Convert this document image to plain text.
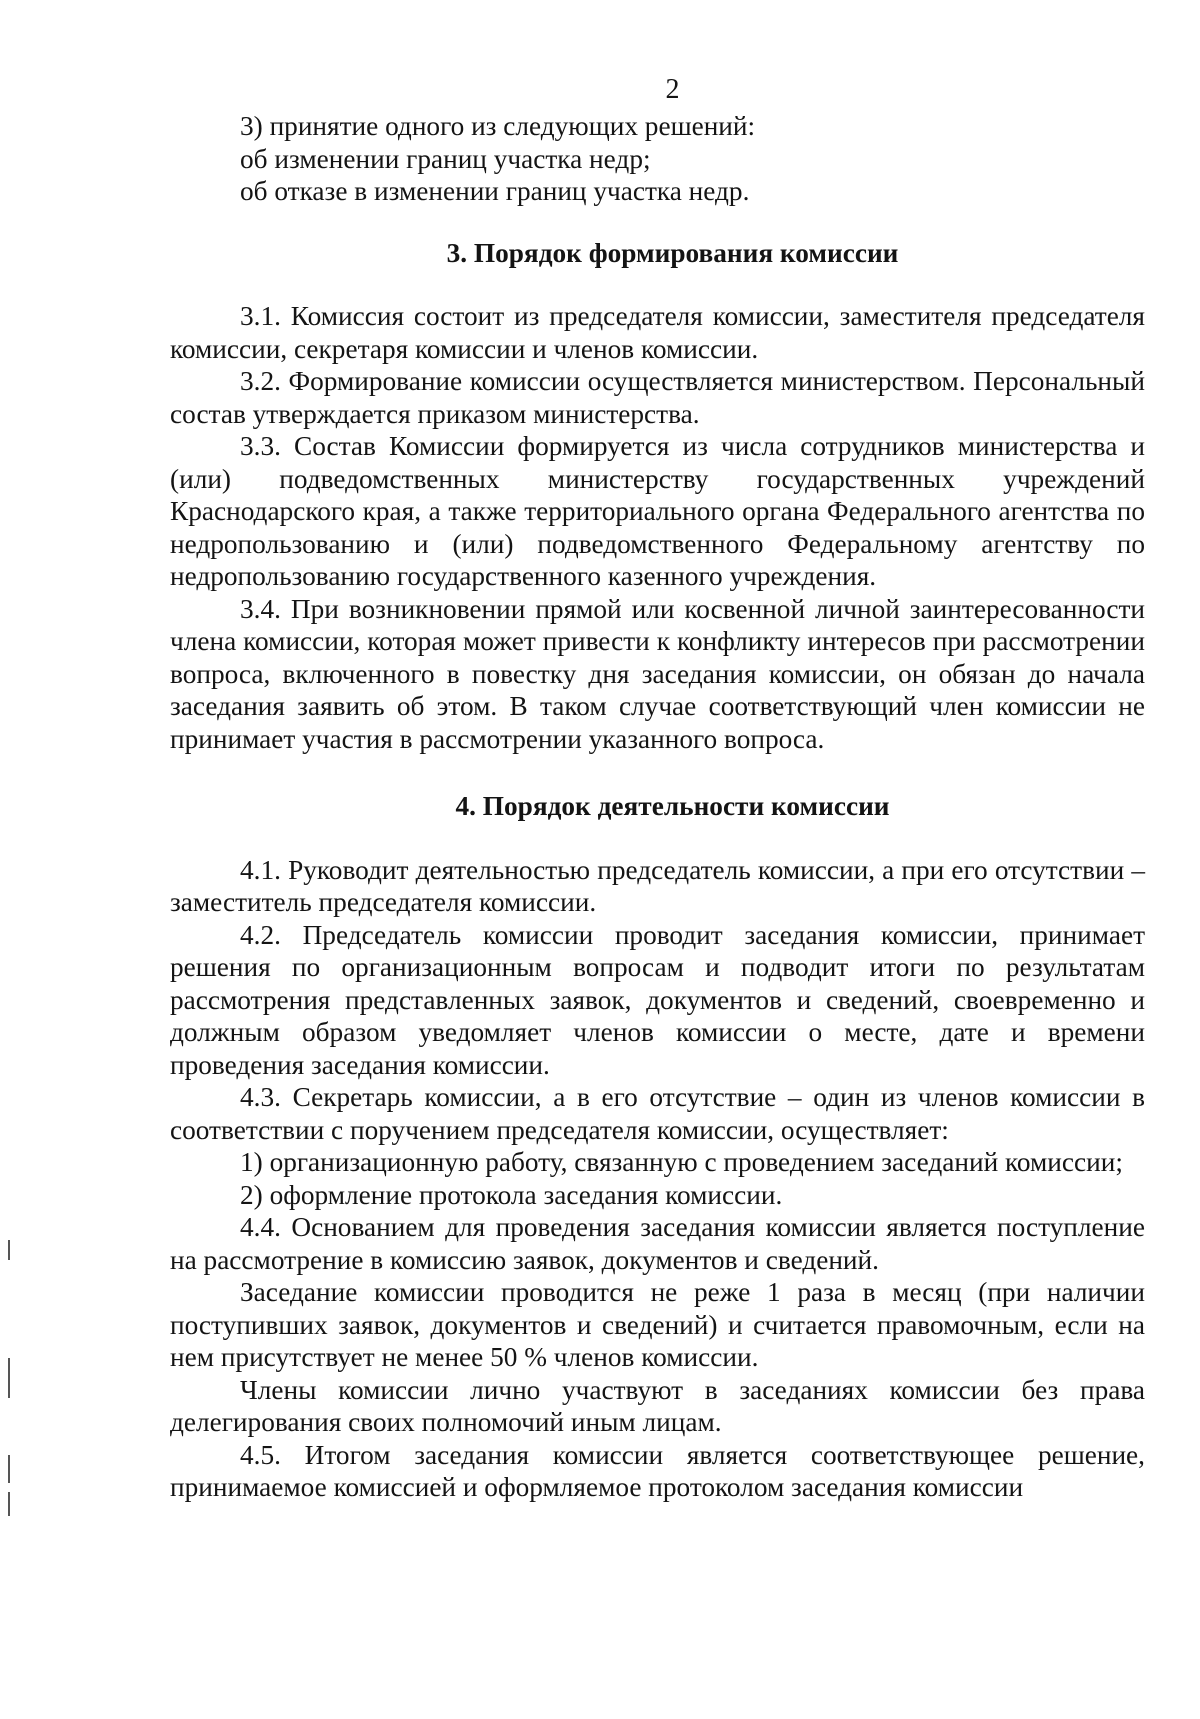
2
3) принятие одного из следующих решений:
об изменении границ участка недр;
об отказе в изменении границ участка недр.
3. Порядок формирования комиссии

3.1. Комиссия состоит из председателя комиссии, заместителя председателя комиссии, секретаря комиссии и членов комиссии.

3.2. Формирование комиссии осуществляется министерством. Персональный состав утверждается приказом министерства.

3.3. Состав Комиссии формируется из числа сотрудников министерства и (или) подведомственных министерству государственных учреждений Краснодарского края, а также территориального органа Федерального агентства по недропользованию и (или) подведомственного Федеральному агентству по недропользованию государственного казенного учреждения.

3.4. При возникновении прямой или косвенной личной заинтересованности члена комиссии, которая может привести к конфликту интересов при рассмотрении вопроса, включенного в повестку дня заседания комиссии, он обязан до начала заседания заявить об этом. В таком случае соответствующий член комиссии не принимает участия в рассмотрении указанного вопроса.

4. Порядок деятельности комиссии

4.1. Руководит деятельностью председатель комиссии, а при его отсутствии – заместитель председателя комиссии.

4.2. Председатель комиссии проводит заседания комиссии, принимает решения по организационным вопросам и подводит итоги по результатам рассмотрения представленных заявок, документов и сведений, своевременно и должным образом уведомляет членов комиссии о месте, дате и времени проведения заседания комиссии.

4.3. Секретарь комиссии, а в его отсутствие – один из членов комиссии в соответствии с поручением председателя комиссии, осуществляет:

1) организационную работу, связанную с проведением заседаний комиссии;

2) оформление протокола заседания комиссии.

4.4. Основанием для проведения заседания комиссии является поступление на рассмотрение в комиссию заявок, документов и сведений.

Заседание комиссии проводится не реже 1 раза в месяц (при наличии поступивших заявок, документов и сведений) и считается правомочным, если на нем присутствует не менее 50 % членов комиссии.

Члены комиссии лично участвуют в заседаниях комиссии без права делегирования своих полномочий иным лицам.

4.5. Итогом заседания комиссии является соответствующее решение, принимаемое комиссией и оформляемое протоколом заседания комиссии
